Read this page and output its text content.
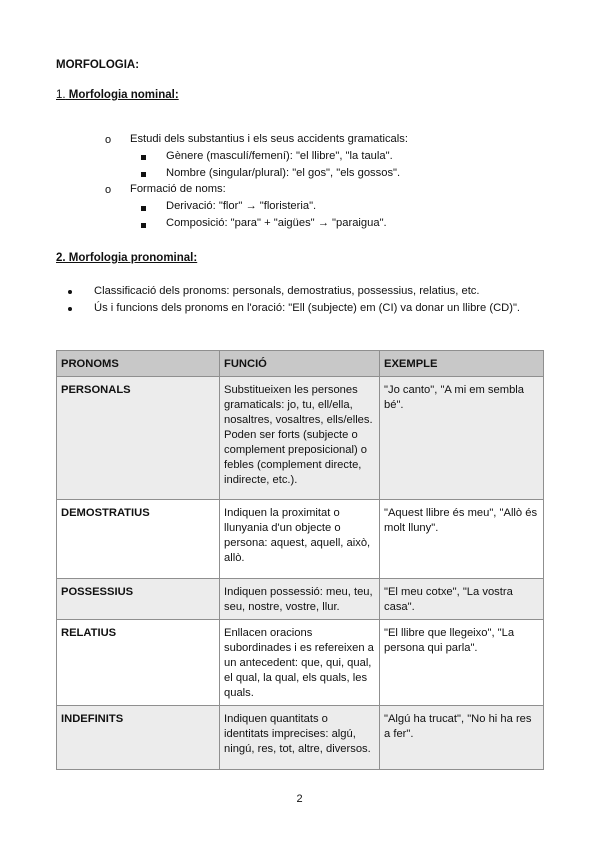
MORFOLOGIA:
1. Morfologia nominal:
o Estudi dels substantius i els seus accidents gramaticals:
Gènere (masculí/femení): "el llibre", "la taula".
Nombre (singular/plural): "el gos", "els gossos".
o Formació de noms:
Derivació: "flor" → "floristeria".
Composició: "para" + "aigües" → "paraigua".
2. Morfologia pronominal:
Classificació dels pronoms: personals, demostratius, possessius, relatius, etc.
Ús i funcions dels pronoms en l'oració: "Ell (subjecte) em (CI) va donar un llibre (CD)".
PRONOMS	FUNCIÓ	EXEMPLE
PERSONALS	Substitueixen les persones gramaticals: jo, tu, ell/ella, nosaltres, vosaltres, ells/elles. Poden ser forts (subjecte o complement preposicional) o febles (complement directe, indirecte, etc.).	"Jo canto", "A mi em sembla bé".
DEMOSTRATIUS	Indiquen la proximitat o llunyania d'un objecte o persona: aquest, aquell, això, allò.	"Aquest llibre és meu", "Allò és molt lluny".
POSSESSIUS	Indiquen possessió: meu, teu, seu, nostre, vostre, llur.	"El meu cotxe", "La vostra casa".
RELATIUS	Enllacen oracions subordinades i es refereixen a un antecedent: que, qui, qual, el qual, la qual, els quals, les quals.	"El llibre que llegeixo", "La persona qui parla".
INDEFINITS	Indiquen quantitats o identitats imprecises: algú, ningú, res, tot, altre, diversos.	"Algú ha trucat", "No hi ha res a fer".
2
